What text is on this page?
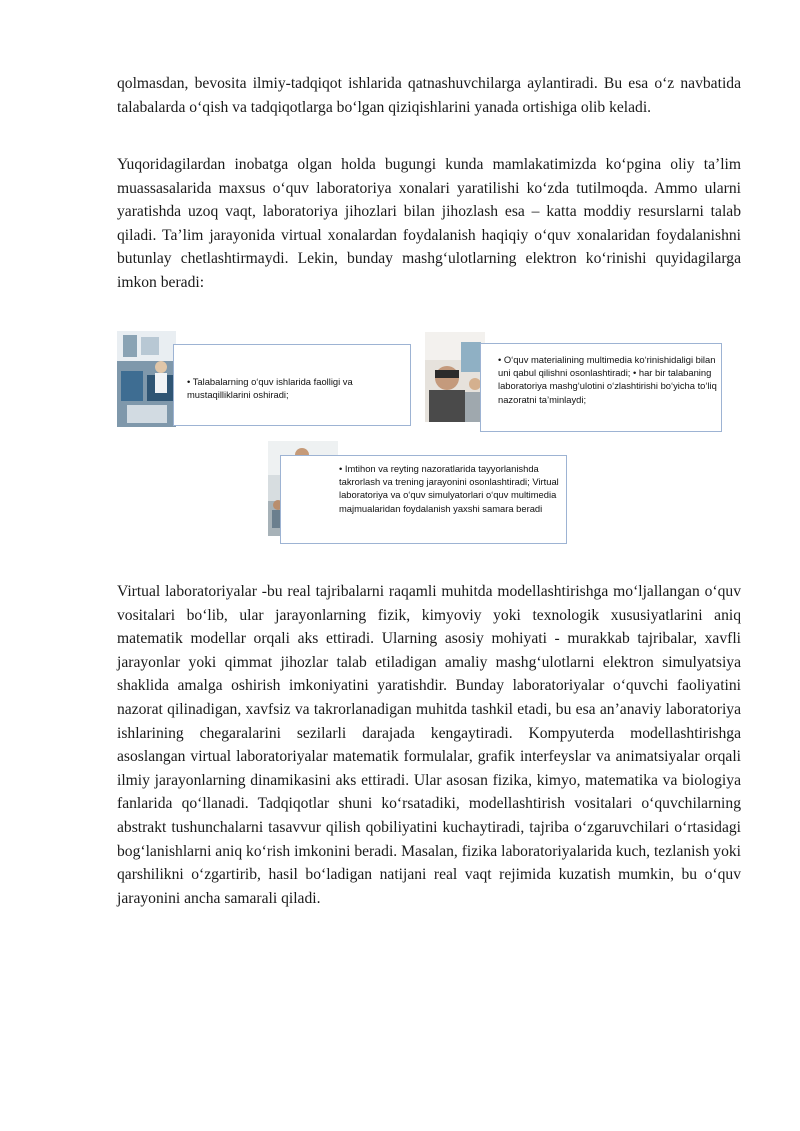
qolmasdan, bevosita ilmiy-tadqiqot ishlarida qatnashuvchilarga aylantiradi. Bu esa o‘z navbatida talabalarda o‘qish va tadqiqotlarga bo‘lgan qiziqishlarini yanada ortishiga olib keladi.

Yuqoridagilardan inobatga olgan holda bugungi kunda mamlakatimizda ko‘pgina oliy ta’lim muassasalarida maxsus o‘quv laboratoriya xonalari yaratilishi ko‘zda tutilmoqda. Ammo ularni yaratishda uzoq vaqt, laboratoriya jihozlari bilan jihozlash esa – katta moddiy resurslarni talab qiladi. Ta’lim jarayonida virtual xonalardan foydalanish haqiqiy o‘quv xonalaridan foydalanishni butunlay chetlashtirmaydi. Lekin, bunday mashg‘ulotlarning elektron ko‘rinishi quyidagilarga imkon beradi:

• Talabalarning o‘quv ishlarida faolligi va mustaqilliklarini oshiradi;
• O‘quv materialining multimedia ko‘rinishidaligi bilan uni qabul qilishni osonlashtiradi; • har bir talabaning laboratoriya mashg‘ulotini o‘zlashtirishi bo‘yicha to‘liq nazoratni ta’minlaydi;
• Imtihon va reyting nazoratlarida tayyorlanishda takrorlash va trening jarayonini osonlashtiradi; Virtual laboratoriya va o‘quv simulyatorlari o‘quv multimedia majmualaridan foydalanish yaxshi samara beradi

Virtual laboratoriyalar -bu real tajribalarni raqamli muhitda modellashtirishga mo‘ljallangan o‘quv vositalari bo‘lib, ular jarayonlarning fizik, kimyoviy yoki texnologik xususiyatlarini aniq matematik modellar orqali aks ettiradi. Ularning asosiy mohiyati - murakkab tajribalar, xavfli jarayonlar yoki qimmat jihozlar talab etiladigan amaliy mashg‘ulotlarni elektron simulyatsiya shaklida amalga oshirish imkoniyatini yaratishdir. Bunday laboratoriyalar o‘quvchi faoliyatini nazorat qilinadigan, xavfsiz va takrorlanadigan muhitda tashkil etadi, bu esa an’anaviy laboratoriya ishlarining chegaralarini sezilarli darajada kengaytiradi. Kompyuterda modellashtirishga asoslangan virtual laboratoriyalar matematik formulalar, grafik interfeyslar va animatsiyalar orqali ilmiy jarayonlarning dinamikasini aks ettiradi. Ular asosan fizika, kimyo, matematika va biologiya fanlarida qo‘llanadi. Tadqiqotlar shuni ko‘rsatadiki, modellashtirish vositalari o‘quvchilarning abstrakt tushunchalarni tasavvur qilish qobiliyatini kuchaytiradi, tajriba o‘zgaruvchilari o‘rtasidagi bog‘lanishlarni aniq ko‘rish imkonini beradi. Masalan, fizika laboratoriyalarida kuch, tezlanish yoki qarshilikni o‘zgartirib, hasil bo‘ladigan natijani real vaqt rejimida kuzatish mumkin, bu o‘quv jarayonini ancha samarali qiladi.
